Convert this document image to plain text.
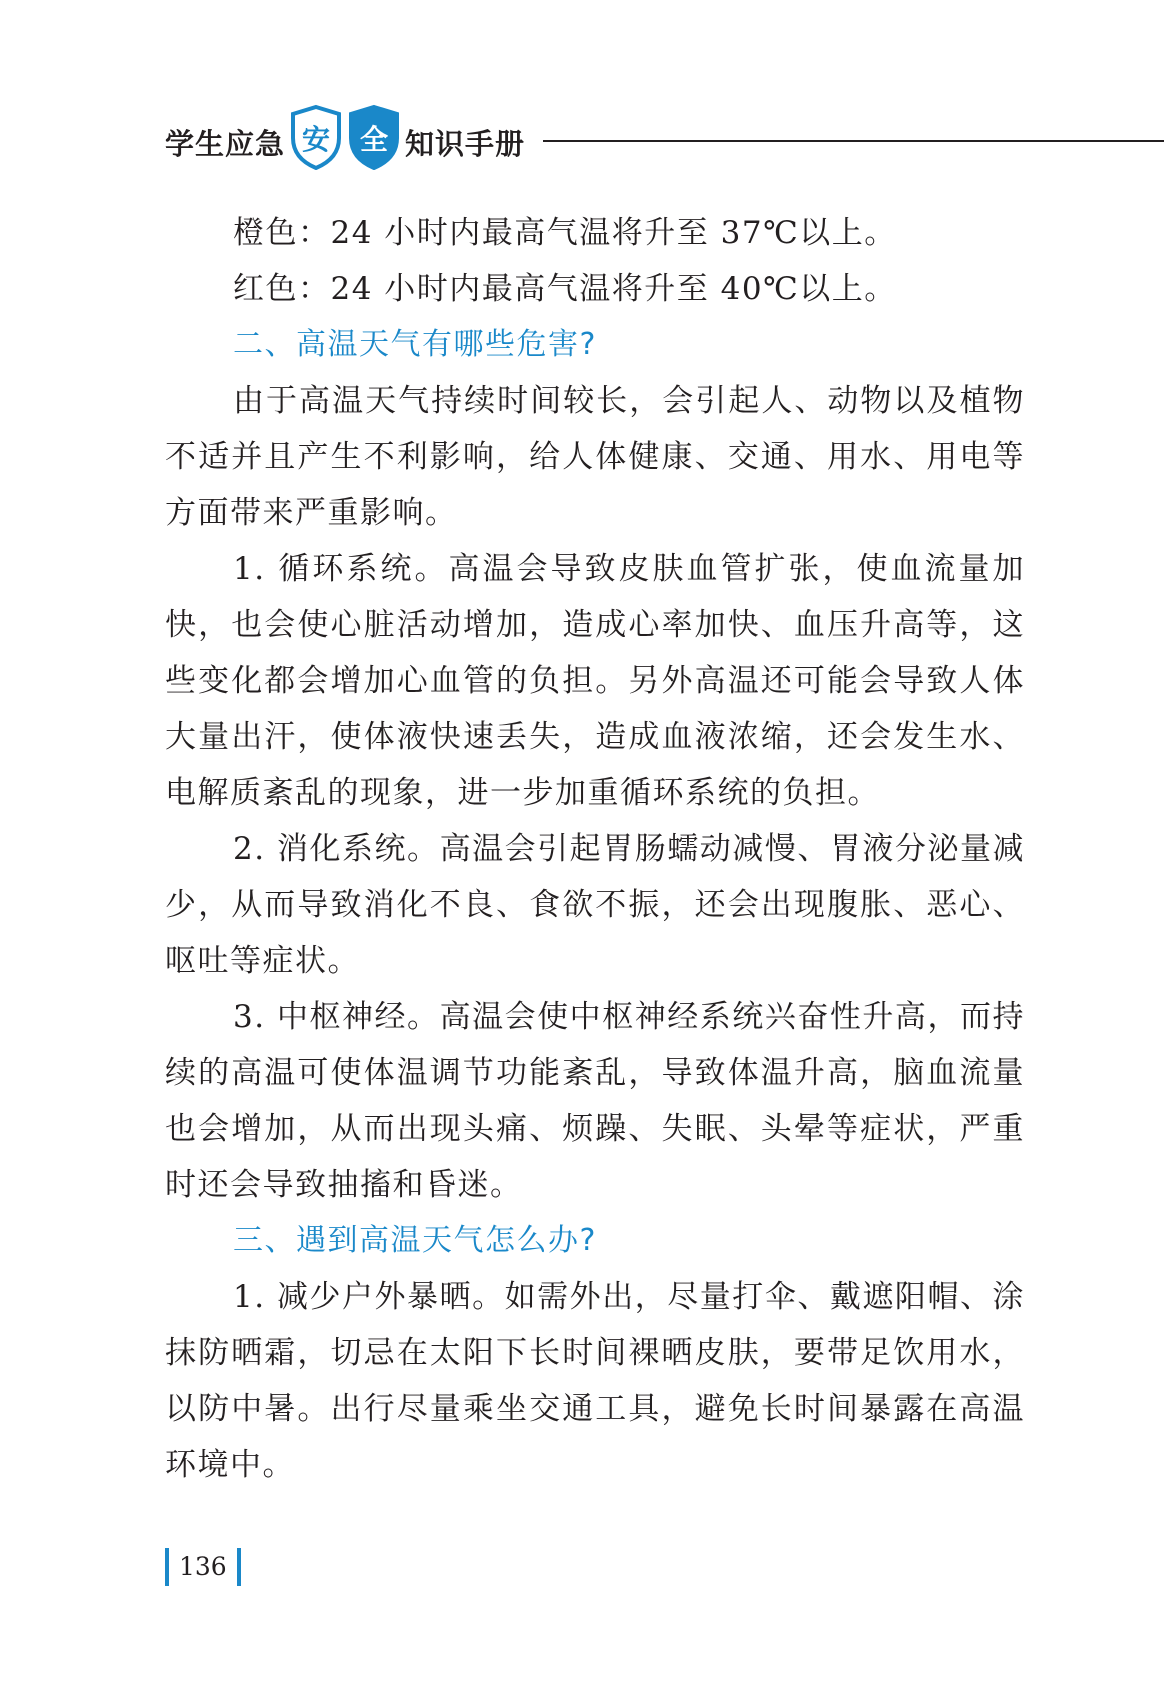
学生应急 安	全 知识手册

橙色：24 小时内最高气温将升至 37℃以上。

红色：24 小时内最高气温将升至 40℃以上。

二、高温天气有哪些危害?

由于高温天气持续时间较长，会引起人、动物以及植物不适并且产生不利影响，给人体健康、交通、用水、用电等方面带来严重影响。

1. 循环系统。高温会导致皮肤血管扩张，使血流量加快，也会使心脏活动增加，造成心率加快、血压升高等，这些变化都会增加心血管的负担。另外高温还可能会导致人体大量出汗，使体液快速丢失，造成血液浓缩，还会发生水、电解质紊乱的现象，进一步加重循环系统的负担。

2. 消化系统。高温会引起胃肠蠕动减慢、胃液分泌量减少，从而导致消化不良、食欲不振，还会出现腹胀、恶心、呕吐等症状。

3. 中枢神经。高温会使中枢神经系统兴奋性升高，而持续的高温可使体温调节功能紊乱，导致体温升高，脑血流量也会增加，从而出现头痛、烦躁、失眠、头晕等症状，严重时还会导致抽搐和昏迷。

三、遇到高温天气怎么办?

1. 减少户外暴晒。如需外出，尽量打伞、戴遮阳帽、涂抹防晒霜，切忌在太阳下长时间裸晒皮肤，要带足饮用水，以防中暑。出行尽量乘坐交通工具，避免长时间暴露在高温环境中。

136
